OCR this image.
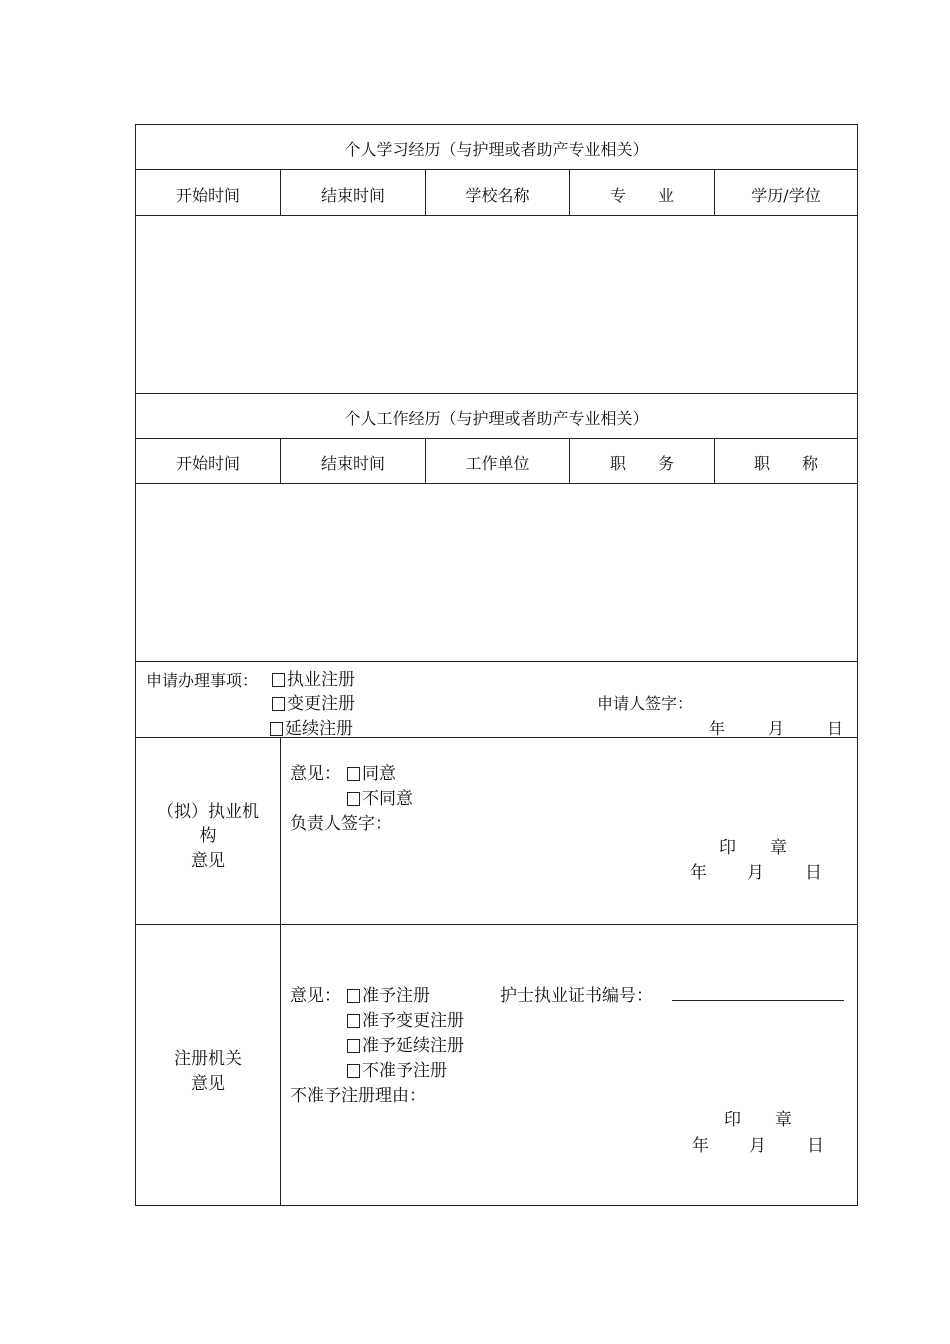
个人学习经历（与护理或者助产专业相关）
开始时间	结束时间	学校名称	专　　业	学历/学位
个人工作经历（与护理或者助产专业相关）
开始时间	结束时间	工作单位	职　　务	职　　称
申请办理事项：	执业注册
变更注册
延续注册
申请人签字：
年	月	日
（拟）执业机
构
意见
意见：	同意
不同意
负责人签字：
印　　章
年 月 日
注册机关
意见
意见：	准予注册
准予变更注册
准予延续注册
不准予注册
不准予注册理由：
护士执业证书编号：
印　　章
年 月 日
